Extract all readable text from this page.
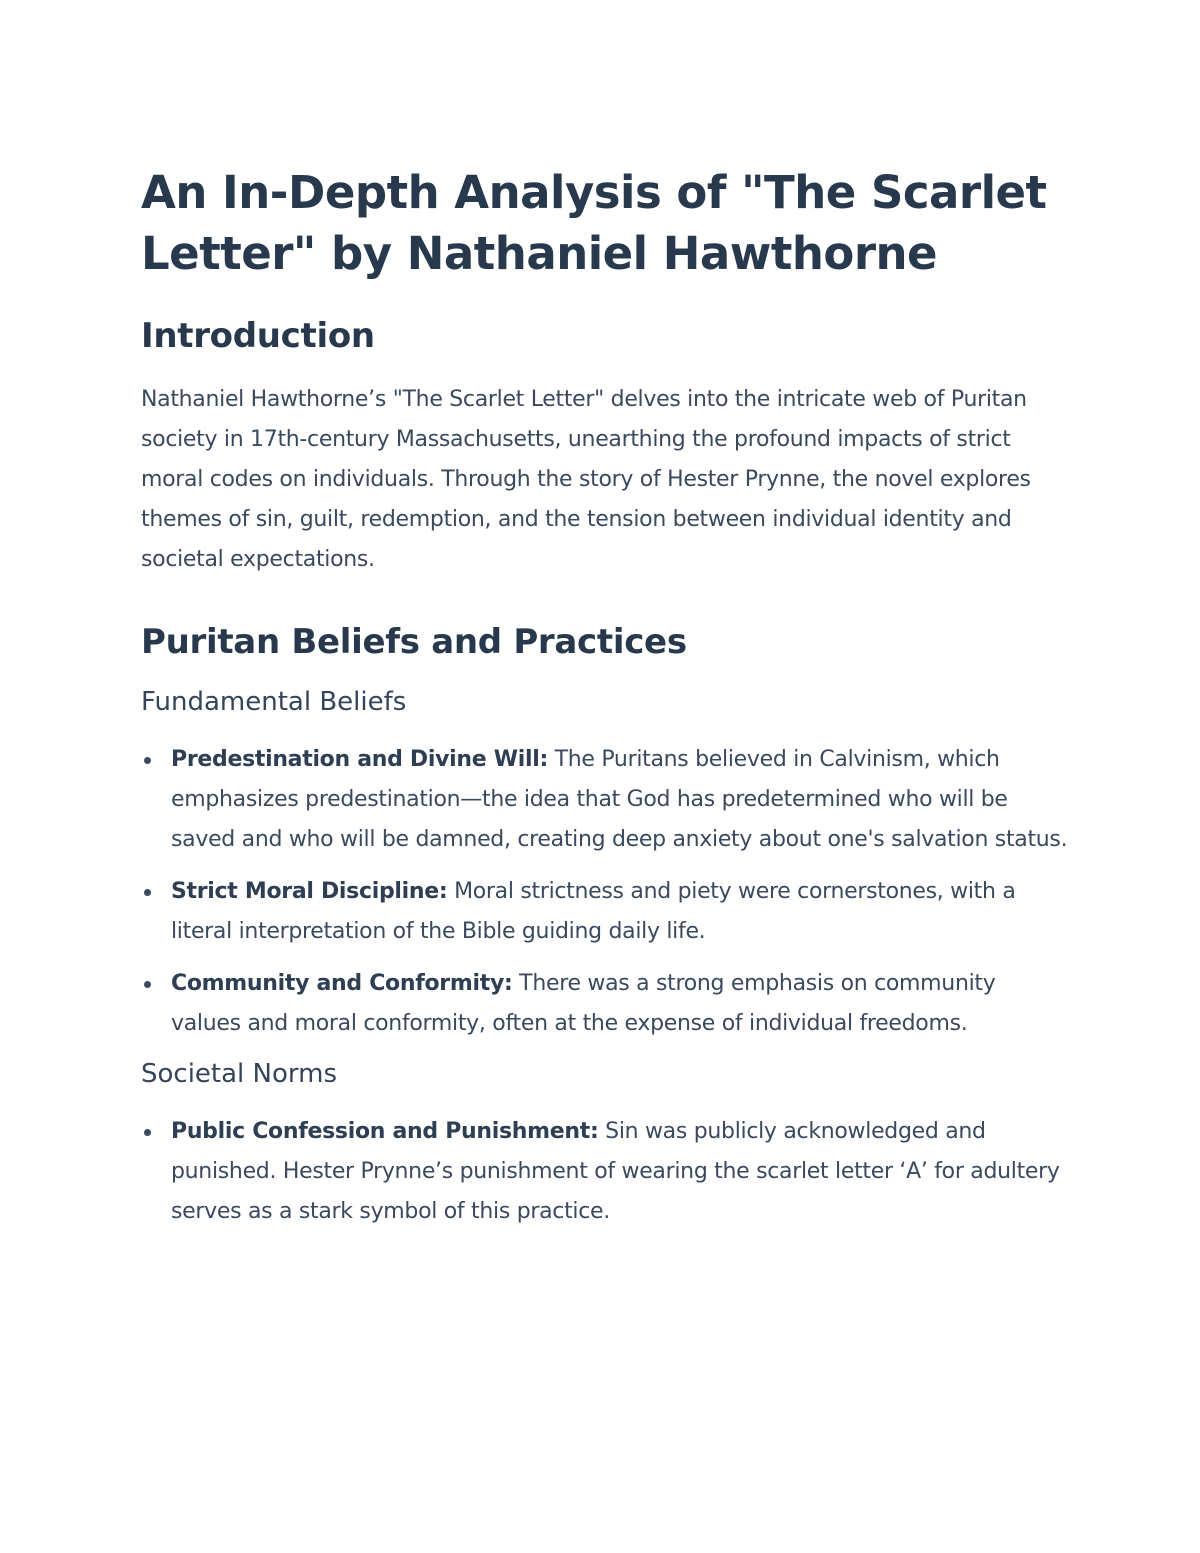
An In-Depth Analysis of "The Scarlet Letter" by Nathaniel Hawthorne
Introduction

Nathaniel Hawthorne’s "The Scarlet Letter" delves into the intricate web of Puritan society in 17th-century Massachusetts, unearthing the profound impacts of strict moral codes on individuals. Through the story of Hester Prynne, the novel explores themes of sin, guilt, redemption, and the tension between individual identity and societal expectations.

Puritan Beliefs and Practices
Fundamental Beliefs
Predestination and Divine Will: The Puritans believed in Calvinism, which emphasizes predestination—the idea that God has predetermined who will be saved and who will be damned, creating deep anxiety about one's salvation status.
Strict Moral Discipline: Moral strictness and piety were cornerstones, with a literal interpretation of the Bible guiding daily life.
Community and Conformity: There was a strong emphasis on community values and moral conformity, often at the expense of individual freedoms.
Societal Norms
Public Confession and Punishment: Sin was publicly acknowledged and punished. Hester Prynne’s punishment of wearing the scarlet letter ‘A’ for adultery serves as a stark symbol of this practice.
